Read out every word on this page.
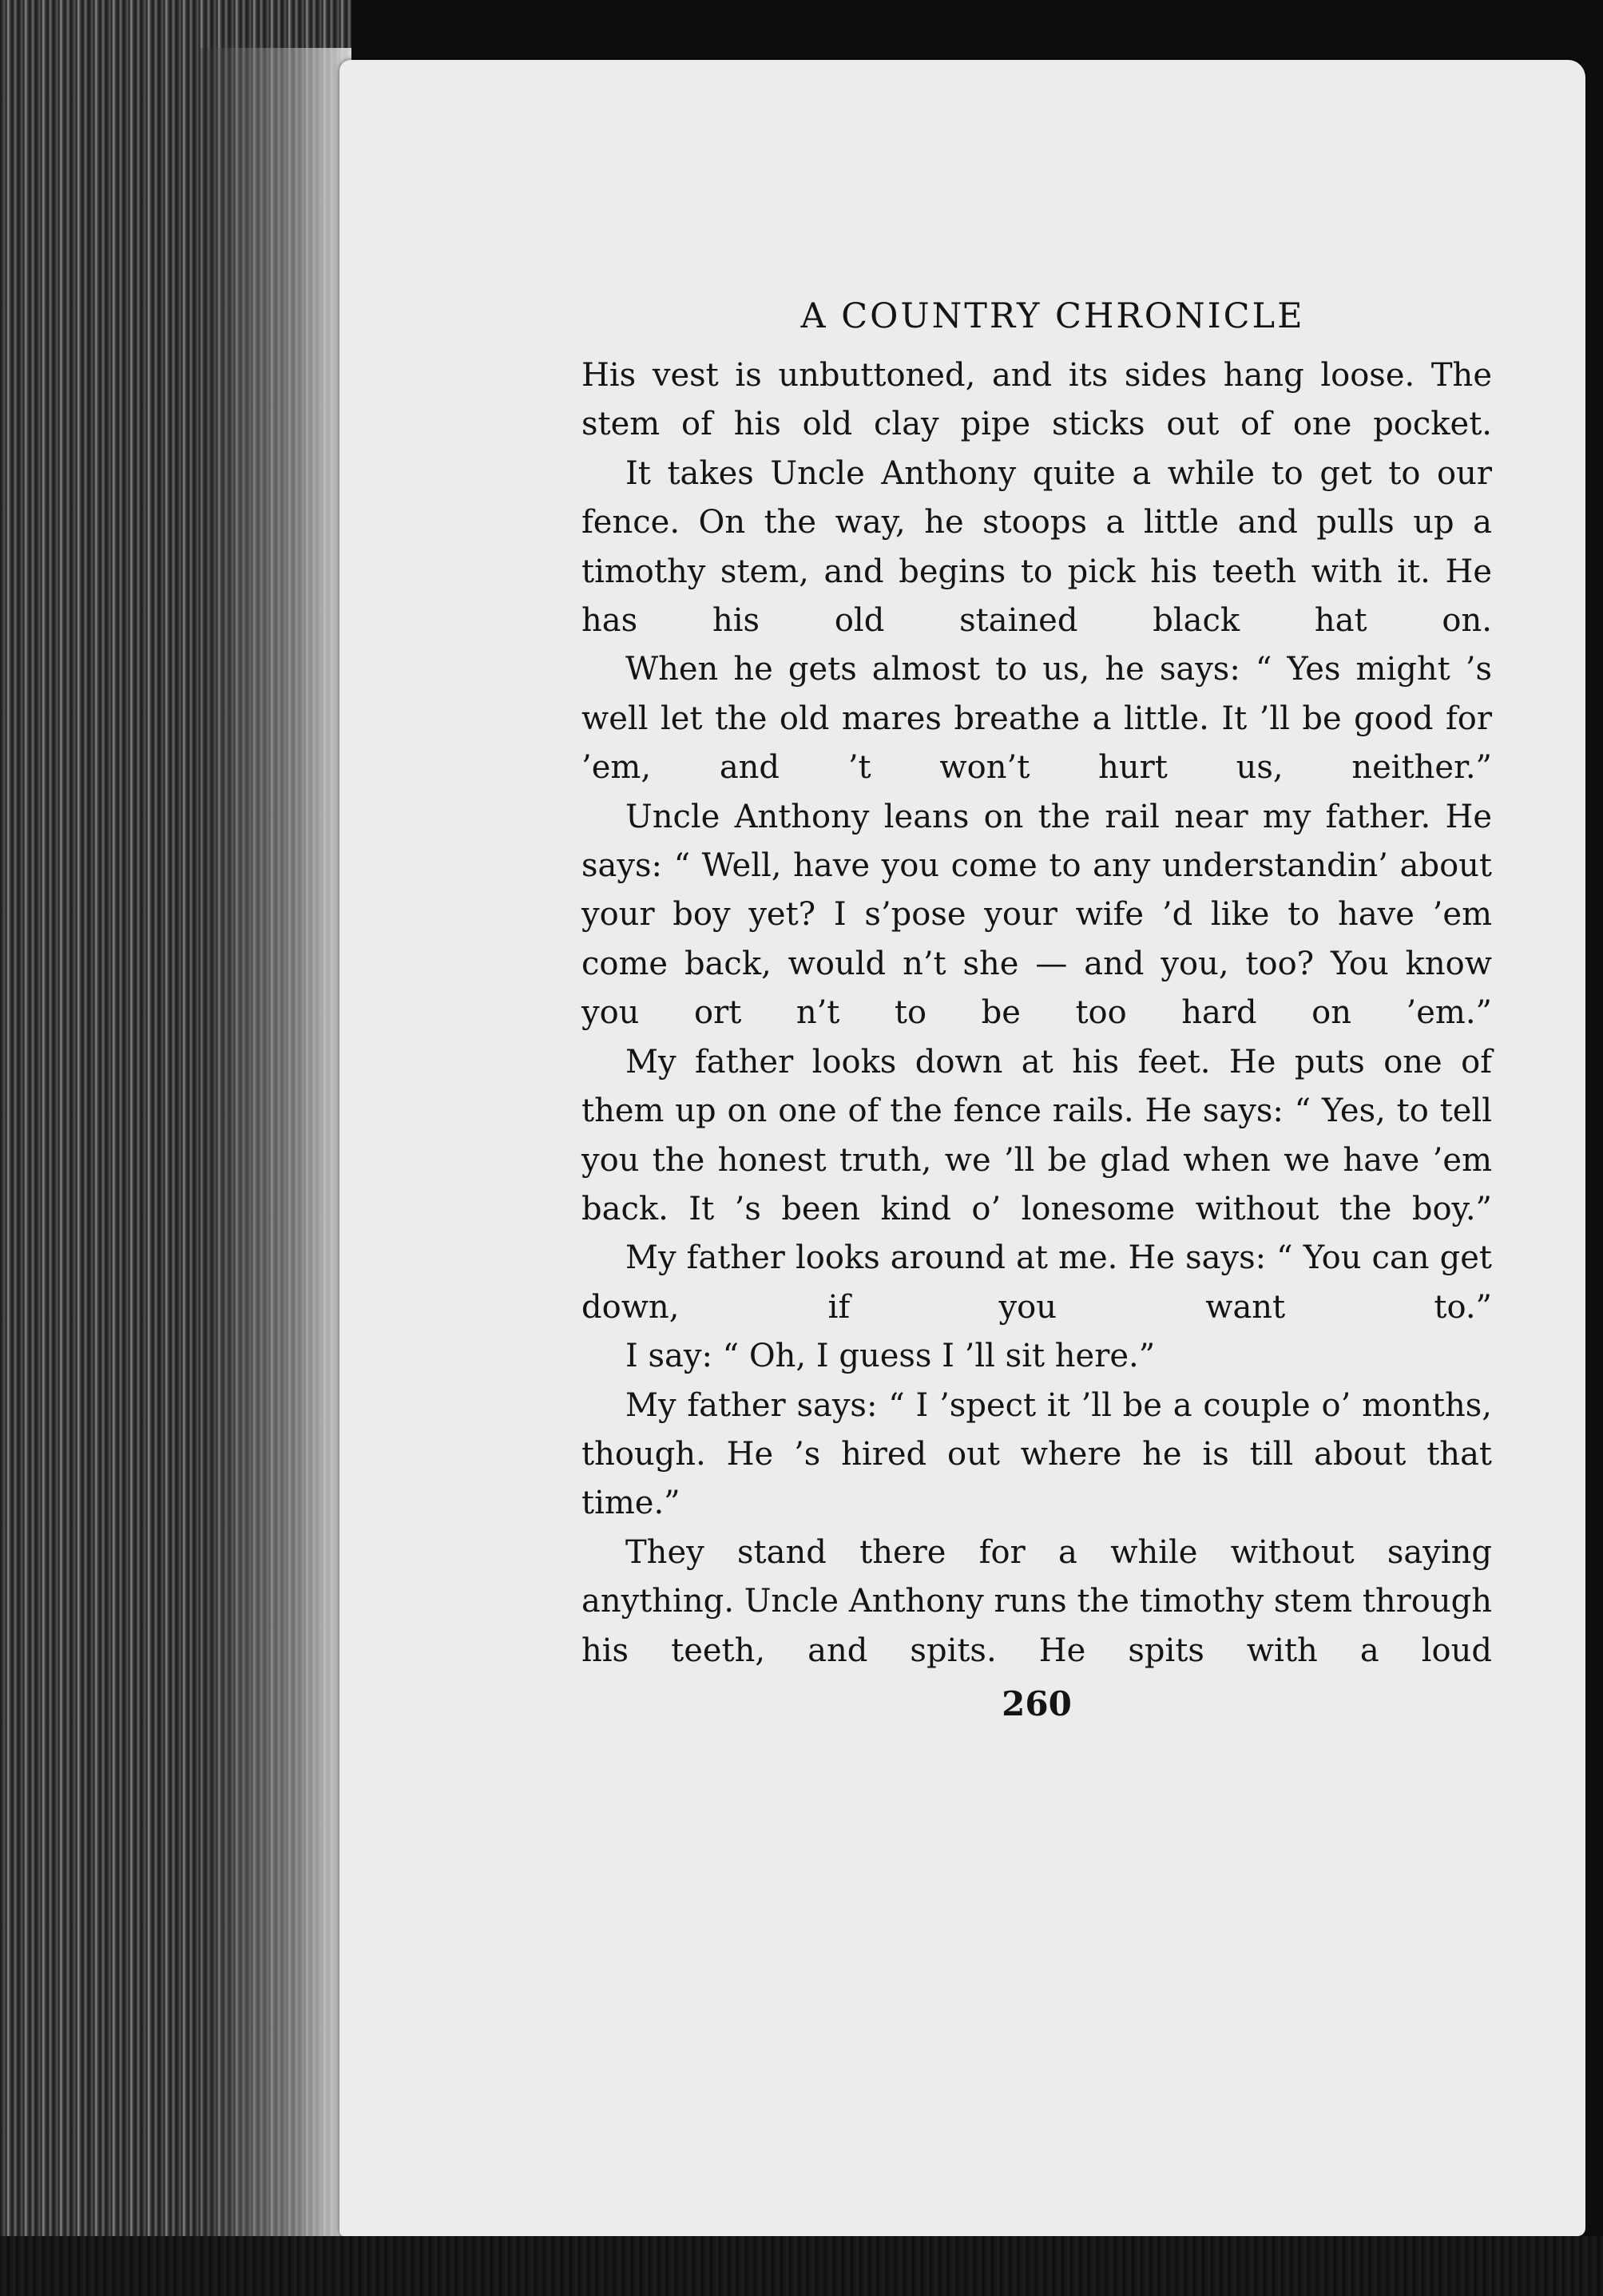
A COUNTRY CHRONICLE

His vest is unbuttoned, and its sides hang loose. The stem of his old clay pipe sticks out of one pocket.

It takes Uncle Anthony quite a while to get to our fence. On the way, he stoops a little and pulls up a timothy stem, and begins to pick his teeth with it. He has his old stained black hat on.

When he gets almost to us, he says: “ Yes might ’s well let the old mares breathe a little. It ’ll be good for ’em, and ’t won’t hurt us, neither.”

Uncle Anthony leans on the rail near my father. He says: “ Well, have you come to any understandin’ about your boy yet? I s’pose your wife ’d like to have ’em come back, would n’t she — and you, too? You know you ort n’t to be too hard on ’em.”

My father looks down at his feet. He puts one of them up on one of the fence rails. He says: “ Yes, to tell you the honest truth, we ’ll be glad when we have ’em back. It ’s been kind o’ lonesome without the boy.”

My father looks around at me. He says: “ You can get down, if you want to.”

I say: “ Oh, I guess I ’ll sit here.”

My father says: “ I ’spect it ’ll be a couple o’ months, though. He ’s hired out where he is till about that time.”

They stand there for a while without saying anything. Uncle Anthony runs the timothy stem through his teeth, and spits. He spits with a loud

260
